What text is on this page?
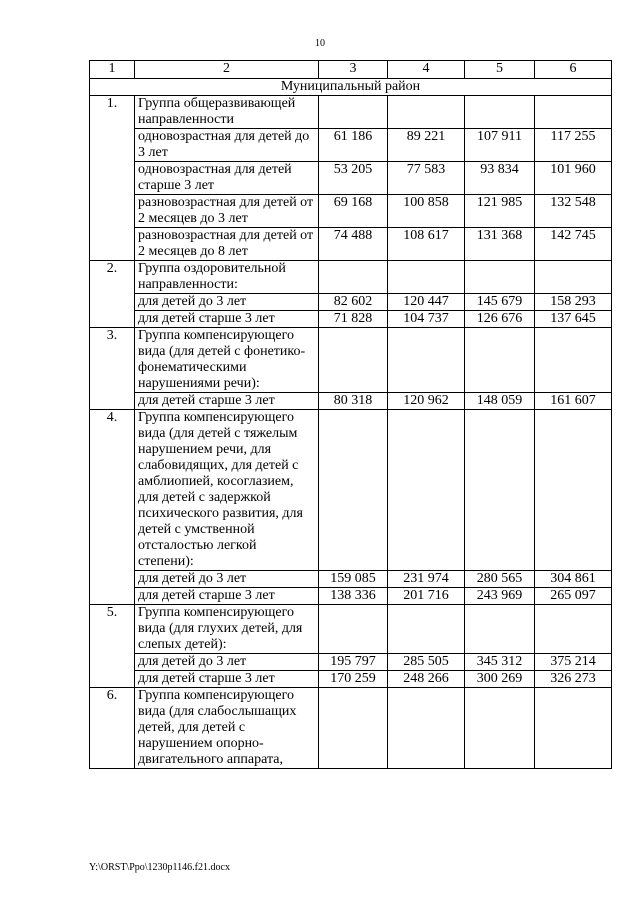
10
1	2	3	4	5	6
Муниципальный район					
1.	Группа общеразвивающей направленности				
	одновозрастная для детей до 3 лет	61 186	89 221	107 911	117 255
	одновозрастная для детей старше 3 лет	53 205	77 583	93 834	101 960
	разновозрастная для детей от 2 месяцев до 3 лет	69 168	100 858	121 985	132 548
	разновозрастная для детей от 2 месяцев до 8 лет	74 488	108 617	131 368	142 745
2.	Группа оздоровительной направленности:				
	для детей до 3 лет	82 602	120 447	145 679	158 293
	для детей старше 3 лет	71 828	104 737	126 676	137 645
3.	Группа компенсирующего вида (для детей с фонетико-фонематическими нарушениями речи):				
	для детей старше 3 лет	80 318	120 962	148 059	161 607
4.	Группа компенсирующего вида (для детей с тяжелым нарушением речи, для слабовидящих, для детей с амблиопией, косоглазием, для детей с задержкой психического развития, для детей с умственной отсталостью легкой степени):				
	для детей до 3 лет	159 085	231 974	280 565	304 861
	для детей старше 3 лет	138 336	201 716	243 969	265 097
5.	Группа компенсирующего вида (для глухих детей, для слепых детей):				
	для детей до 3 лет	195 797	285 505	345 312	375 214
	для детей старше 3 лет	170 259	248 266	300 269	326 273
6.	Группа компенсирующего вида (для слабослышащих детей, для детей с нарушением опорно-двигательного аппарата,				
Y:\ORST\Ppo\1230p1146.f21.docx
